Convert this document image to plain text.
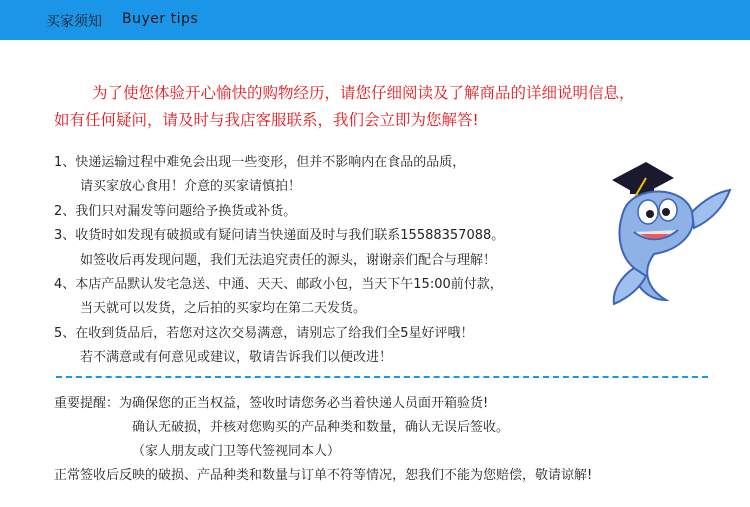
买家须知 Buyer tips
为了使您体验开心愉快的购物经历，请您仔细阅读及了解商品的详细说明信息，
如有任何疑问，请及时与我店客服联系，我们会立即为您解答!
1、快递运输过程中难免会出现一些变形，但并不影响内在食品的品质，
请买家放心食用！介意的买家请慎拍！
2、我们只对漏发等问题给予换货或补货。
3、收货时如发现有破损或有疑问请当快递面及时与我们联系15588357088。
如签收后再发现问题，我们无法追究责任的源头，谢谢亲们配合与理解！
4、本店产品默认发宅急送、中通、天天、邮政小包，当天下午15:00前付款，
当天就可以发货，之后拍的买家均在第二天发货。
5、在收到货品后，若您对这次交易满意，请别忘了给我们全5星好评哦！
若不满意或有何意见或建议，敬请告诉我们以便改进！
重要提醒：为确保您的正当权益，签收时请您务必当着快递人员面开箱验货!
确认无破损，并核对您购买的产品种类和数量，确认无误后签收。
（家人朋友或门卫等代签视同本人）
正常签收后反映的破损、产品种类和数量与订单不符等情况，恕我们不能为您赔偿，敬请谅解!
